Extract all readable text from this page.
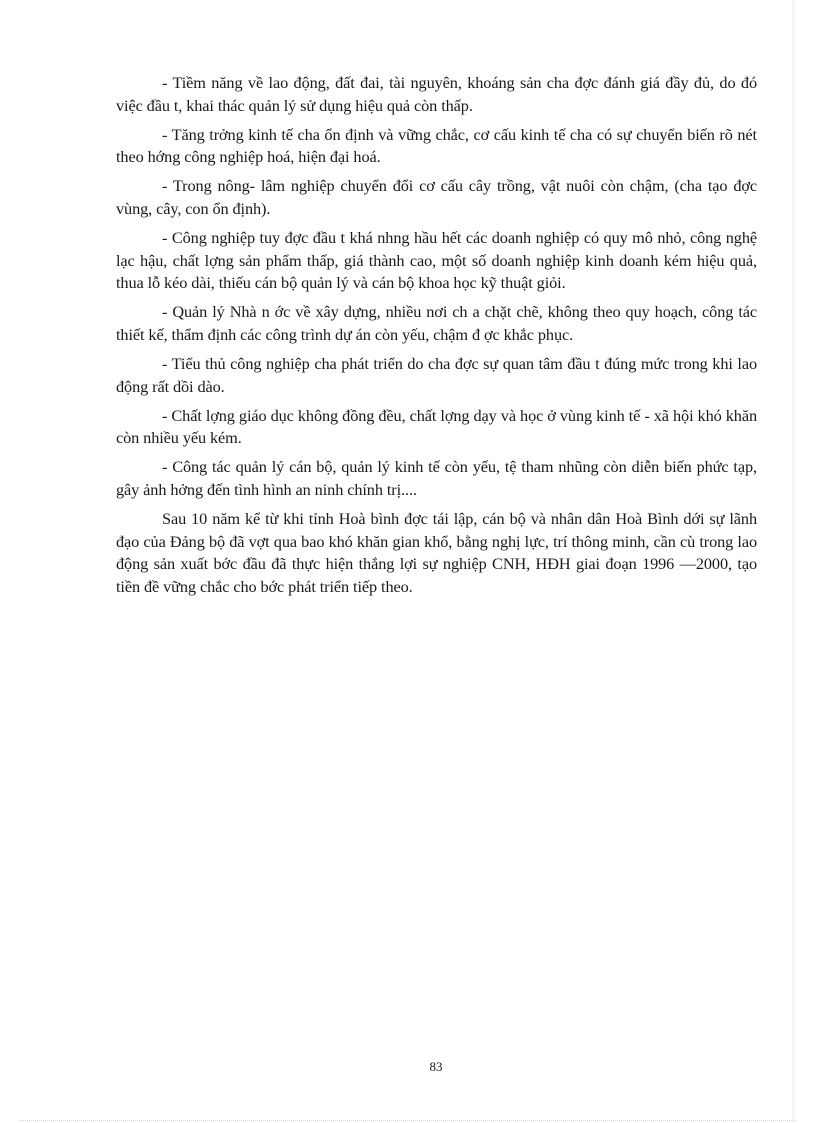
- Tiềm năng về lao động, đất đai, tài nguyên, khoáng sản cha đợc đánh giá đầy đủ, do đó việc đầu t, khai thác quản lý sử dụng hiệu quả còn thấp.

- Tăng trởng kinh tế cha ổn định và vững chắc, cơ cấu kinh tế cha có sự chuyển biến rõ nét theo hớng công nghiệp hoá, hiện đại hoá.

- Trong nông- lâm nghiệp chuyển đổi cơ cấu cây trồng, vật nuôi còn chậm, (cha tạo đợc vùng, cây, con ổn định).

- Công nghiệp tuy đợc đầu t khá nhng hầu hết các doanh nghiệp có quy mô nhỏ, công nghệ lạc hậu, chất lợng sản phẩm thấp, giá thành cao, một số doanh nghiệp kinh doanh kém hiệu quả, thua lỗ kéo dài, thiếu cán bộ quản lý và cán bộ khoa học kỹ thuật giỏi.

- Quản lý Nhà n ớc về xây dựng, nhiều nơi ch a chặt chẽ, không theo quy hoạch, công tác thiết kế, thẩm định các công trình dự án còn yếu, chậm đ ợc khắc phục.

- Tiểu thủ công nghiệp cha phát triển do cha đợc sự quan tâm đầu t đúng mức trong khi lao động rất dồi dào.

- Chất lợng giáo dục không đồng đều, chất lợng dạy và học ở vùng kinh tế - xã hội khó khăn còn nhiều yếu kém.

- Công tác quản lý cán bộ, quản lý kinh tế còn yếu, tệ tham nhũng còn diễn biến phức tạp, gây ảnh hởng đến tình hình an ninh chính trị....

Sau 10 năm kể từ khi tỉnh Hoà bình đợc tái lập, cán bộ và nhân dân Hoà Bình dới sự lãnh đạo của Đảng bộ đã vợt qua bao khó khăn gian khổ, bằng nghị lực, trí thông minh, cần cù trong lao động sản xuất bớc đầu đã thực hiện thắng lợi sự nghiệp CNH, HĐH giai đoạn 1996 —2000, tạo tiền đề vững chắc cho bớc phát triển tiếp theo.

83
